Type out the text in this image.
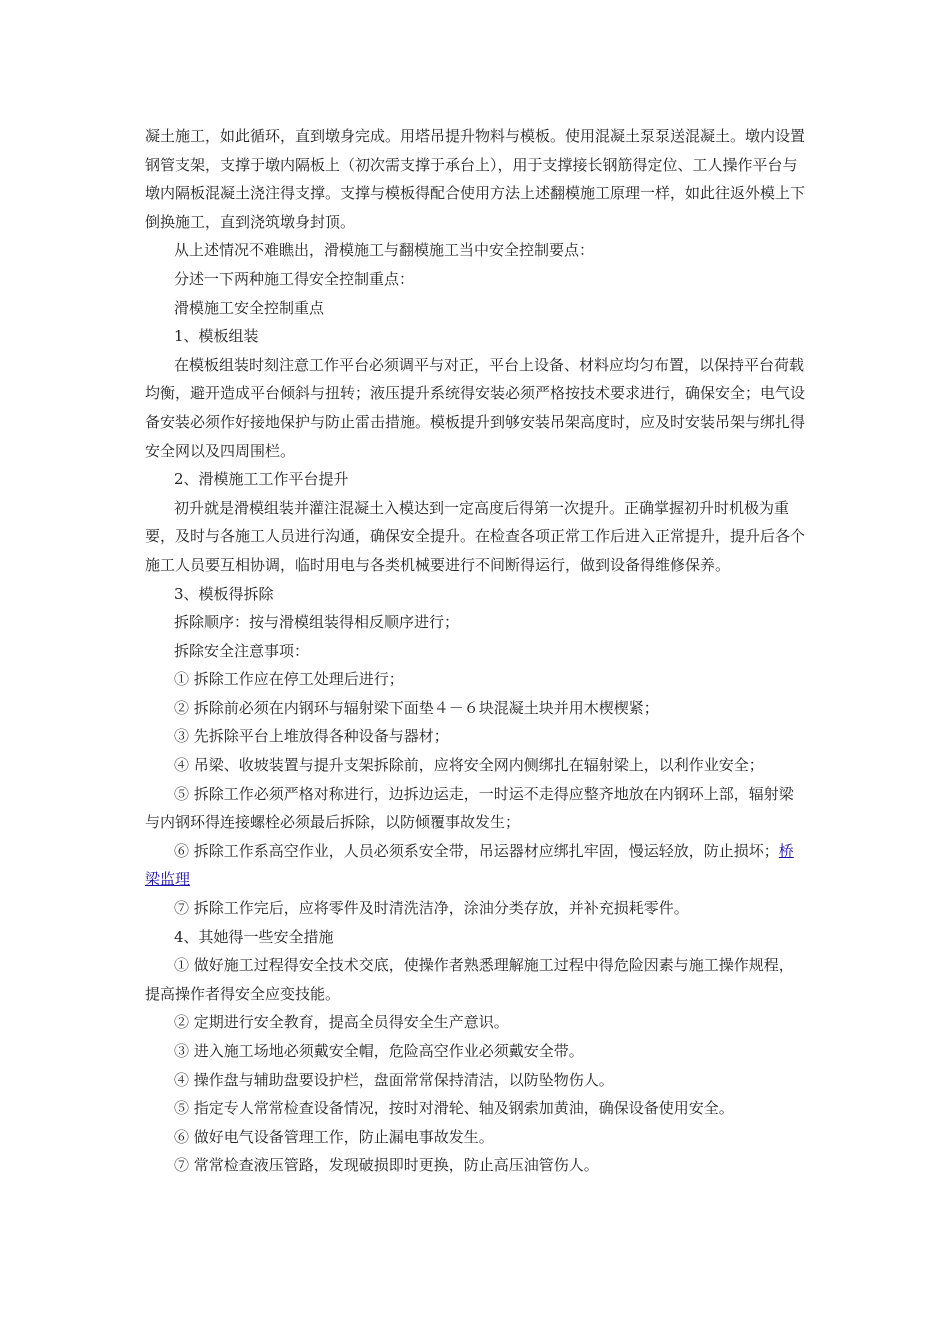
凝土施工，如此循环，直到墩身完成。用塔吊提升物料与模板。使用混凝土泵泵送混凝土。墩内设置钢管支架，支撑于墩内隔板上（初次需支撑于承台上），用于支撑接长钢筋得定位、工人操作平台与墩内隔板混凝土浇注得支撑。支撑与模板得配合使用方法上述翻模施工原理一样，如此往返外模上下倒换施工，直到浇筑墩身封顶。

从上述情况不难瞧出，滑模施工与翻模施工当中安全控制要点：

分述一下两种施工得安全控制重点：

滑模施工安全控制重点

1、模板组装

在模板组装时刻注意工作平台必须调平与对正，平台上设备、材料应均匀布置，以保持平台荷载均衡，避开造成平台倾斜与扭转；液压提升系统得安装必须严格按技术要求进行，确保安全；电气设备安装必须作好接地保护与防止雷击措施。模板提升到够安装吊架高度时，应及时安装吊架与绑扎得安全网以及四周围栏。

2、滑模施工工作平台提升

初升就是滑模组装并灌注混凝土入模达到一定高度后得第一次提升。正确掌握初升时机极为重要，及时与各施工人员进行沟通，确保安全提升。在检查各项正常工作后进入正常提升，提升后各个施工人员要互相协调，临时用电与各类机械要进行不间断得运行，做到设备得维修保养。

3、模板得拆除

拆除顺序：按与滑模组装得相反顺序进行；

拆除安全注意事项：

① 拆除工作应在停工处理后进行；

② 拆除前必须在内钢环与辐射梁下面垫４－６块混凝土块并用木楔楔紧；

③ 先拆除平台上堆放得各种设备与器材；

④ 吊梁、收坡装置与提升支架拆除前，应将安全网内侧绑扎在辐射梁上，以利作业安全；

⑤ 拆除工作必须严格对称进行，边拆边运走，一时运不走得应整齐地放在内钢环上部，辐射梁与内钢环得连接螺栓必须最后拆除，以防倾覆事故发生；

⑥ 拆除工作系高空作业，人员必须系安全带，吊运器材应绑扎牢固，慢运轻放，防止损坏；桥梁监理

⑦ 拆除工作完后，应将零件及时清洗洁净，涂油分类存放，并补充损耗零件。

4、其她得一些安全措施

① 做好施工过程得安全技术交底，使操作者熟悉理解施工过程中得危险因素与施工操作规程，提高操作者得安全应变技能。

② 定期进行安全教育，提高全员得安全生产意识。

③ 进入施工场地必须戴安全帽，危险高空作业必须戴安全带。

④ 操作盘与辅助盘要设护栏，盘面常常保持清洁，以防坠物伤人。

⑤ 指定专人常常检查设备情况，按时对滑轮、轴及钢索加黄油，确保设备使用安全。

⑥ 做好电气设备管理工作，防止漏电事故发生。

⑦ 常常检查液压管路，发现破损即时更换，防止高压油管伤人。
